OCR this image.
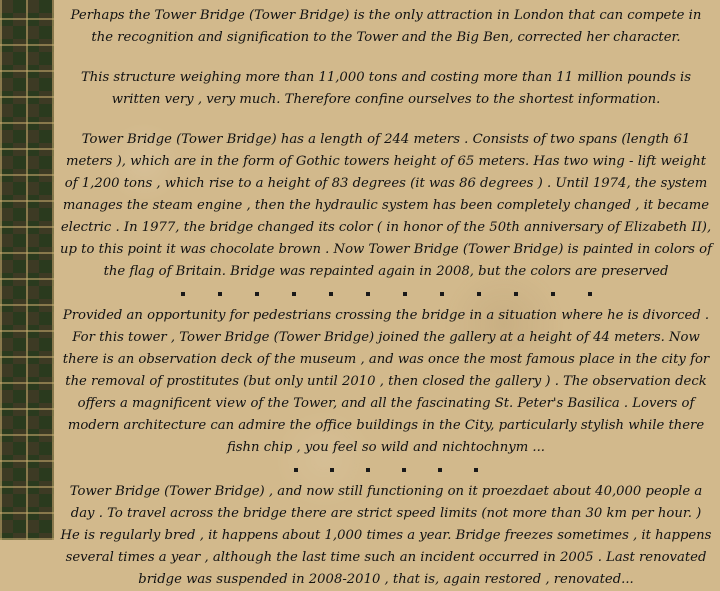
Perhaps the Tower Bridge (Tower Bridge) is the only attraction in London that can compete in the recognition and signification to the Tower and the Big Ben, corrected her character.

This structure weighing more than 11,000 tons and costing more than 11 million pounds is written very , very much. Therefore confine ourselves to the shortest information.

Tower Bridge (Tower Bridge) has a length of 244 meters . Consists of two spans (length 61 meters ), which are in the form of Gothic towers height of 65 meters. Has two wing - lift weight of 1,200 tons , which rise to a height of 83 degrees (it was 86 degrees ) . Until 1974, the system manages the steam engine , then the hydraulic system has been completely changed , it became electric . In 1977, the bridge changed its color ( in honor of the 50th anniversary of Elizabeth II), up to this point it was chocolate brown . Now Tower Bridge (Tower Bridge) is painted in colors of the flag of Britain. Bridge was repainted again in 2008, but the colors are preserved

Provided an opportunity for pedestrians crossing the bridge in a situation where he is divorced . For this tower , Tower Bridge (Tower Bridge) joined the gallery at a height of 44 meters. Now there is an observation deck of the museum , and was once the most famous place in the city for the removal of prostitutes (but only until 2010 , then closed the gallery ) . The observation deck offers a magnificent view of the Tower, and all the fascinating St. Peter's Basilica . Lovers of modern architecture can admire the office buildings in the City, particularly stylish while there fishn chip , you feel so wild and nichtochnym ...

Tower Bridge (Tower Bridge) , and now still functioning on it proezdaet about 40,000 people a day . To travel across the bridge there are strict speed limits (not more than 30 km per hour. ) He is regularly bred , it happens about 1,000 times a year. Bridge freezes sometimes , it happens several times a year , although the last time such an incident occurred in 2005 . Last renovated bridge was suspended in 2008-2010 , that is, again restored , renovated...
